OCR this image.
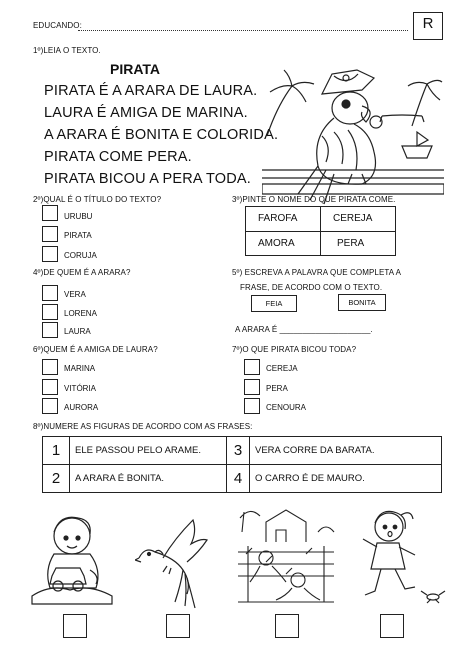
EDUCANDO:	R
1º)LEIA O TEXTO.
PIRATA
PIRATA É A ARARA DE LAURA.
LAURA É AMIGA DE MARINA.
A ARARA É BONITA E COLORIDA.
PIRATA COME PERA.
PIRATA BICOU A PERA TODA.
2º)QUAL É O TÍTULO DO TEXTO?
URUBU
PIRATA
CORUJA
3º)PINTE O NOME DO QUE PIRATA COME.
FAROFA	CEREJA
AMORA	PERA
4º)DE QUEM É A ARARA?
VERA
LORENA
LAURA
5º) ESCREVA A PALAVRA QUE COMPLETA A
FRASE, DE ACORDO COM O TEXTO.
FEIA	BONITA
A ARARA É ____________________.
6º)QUEM É A AMIGA DE LAURA?
MARINA
VITÓRIA
AURORA
7º)O QUE PIRATA BICOU TODA?
CEREJA
PERA
CENOURA
8º)NUMERE AS FIGURAS DE ACORDO COM AS FRASES:
1	ELE PASSOU PELO ARAME.	3	VERA CORRE DA BARATA.
2	A ARARA É BONITA.	4	O CARRO É DE MAURO.
